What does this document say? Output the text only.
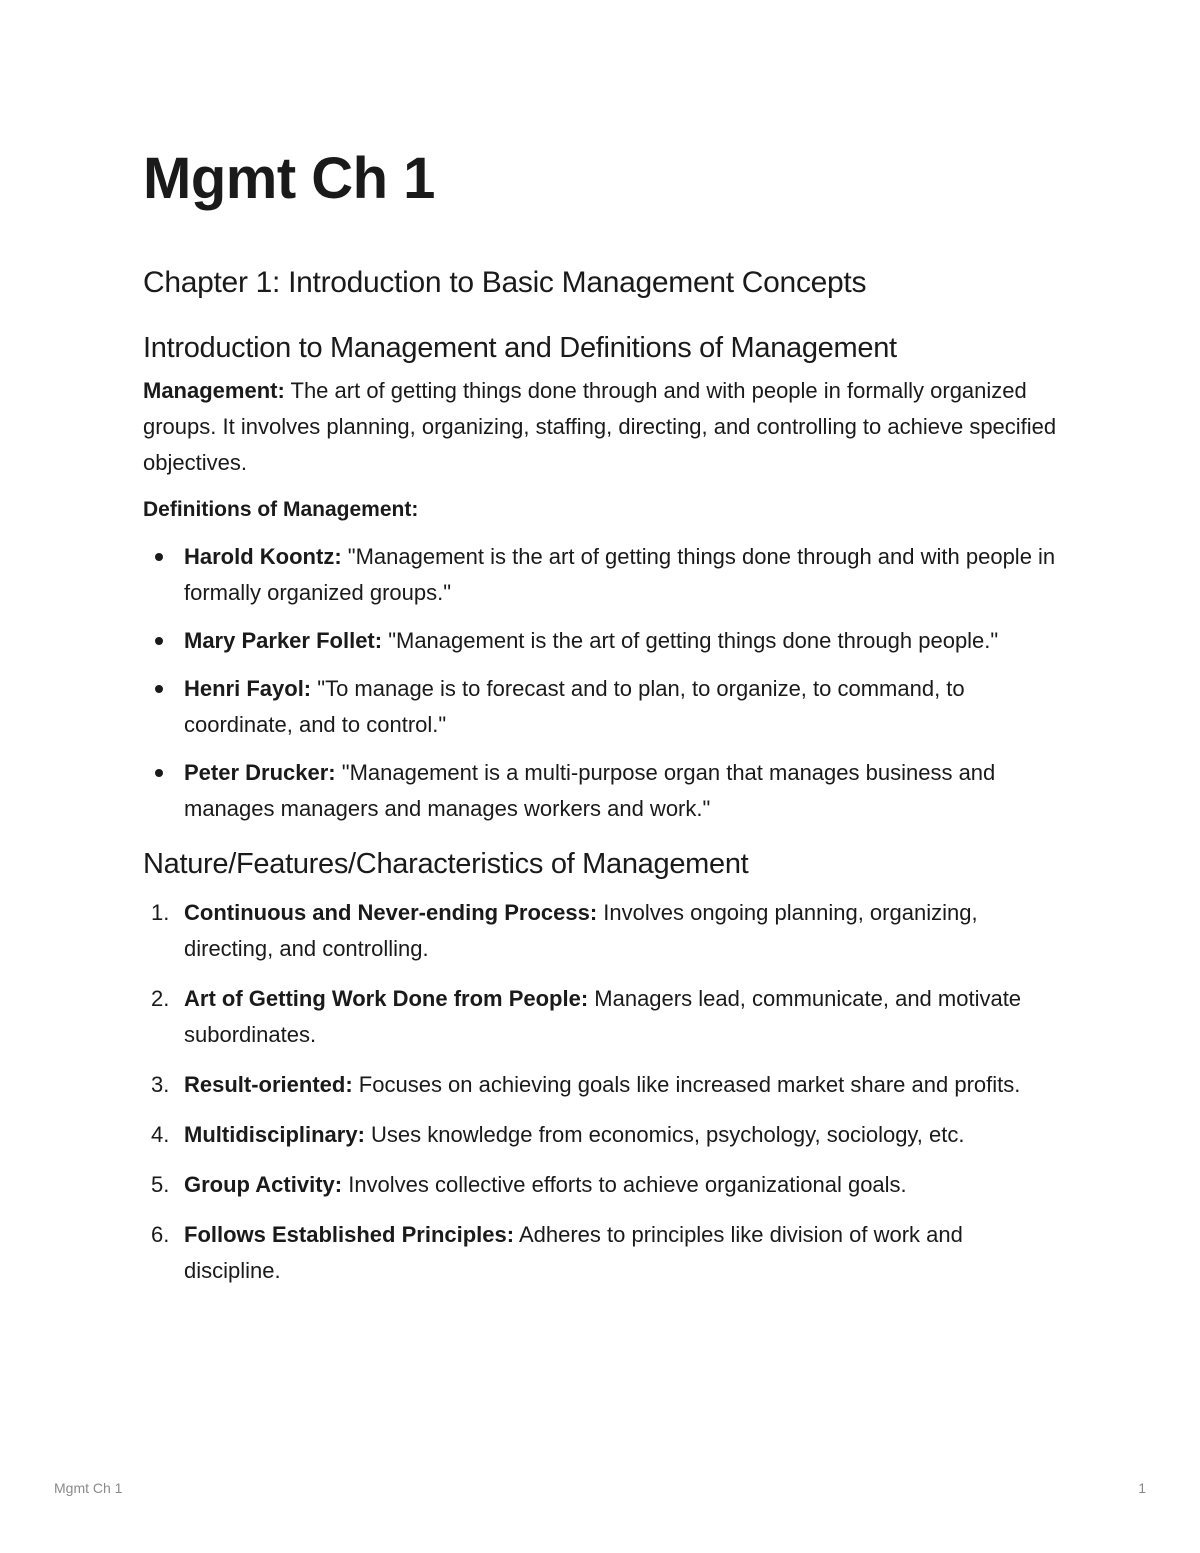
Mgmt Ch 1
Chapter 1: Introduction to Basic Management Concepts
Introduction to Management and Definitions of Management

Management: The art of getting things done through and with people in formally organized groups. It involves planning, organizing, staffing, directing, and controlling to achieve specified objectives.

Definitions of Management:

Harold Koontz: "Management is the art of getting things done through and with people in formally organized groups."
Mary Parker Follet: "Management is the art of getting things done through people."
Henri Fayol: "To manage is to forecast and to plan, to organize, to command, to coordinate, and to control."
Peter Drucker: "Management is a multi-purpose organ that manages business and manages managers and manages workers and work."
Nature/Features/Characteristics of Management
1. Continuous and Never-ending Process: Involves ongoing planning, organizing, directing, and controlling.
2. Art of Getting Work Done from People: Managers lead, communicate, and motivate subordinates.
3. Result-oriented: Focuses on achieving goals like increased market share and profits.
4. Multidisciplinary: Uses knowledge from economics, psychology, sociology, etc.
5. Group Activity: Involves collective efforts to achieve organizational goals.
6. Follows Established Principles: Adheres to principles like division of work and discipline.
Mgmt Ch 1	1
